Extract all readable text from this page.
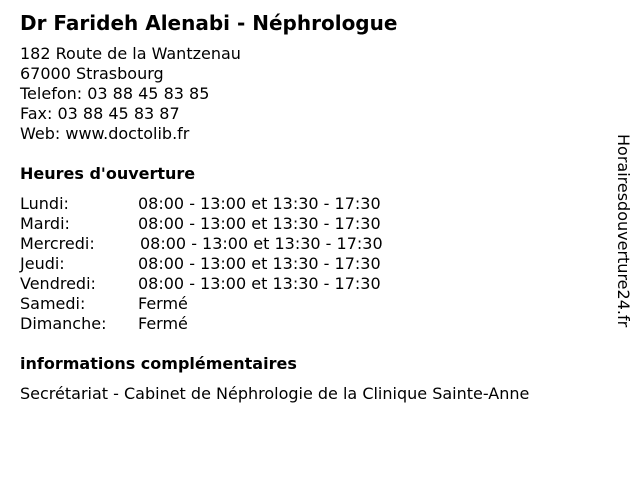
Dr Farideh Alenabi - Néphrologue
182 Route de la Wantzenau
67000 Strasbourg
Telefon: 03 88 45 83 85
Fax: 03 88 45 83 87
Web: www.doctolib.fr
Heures d'ouverture
Lundi:	08:00 - 13:00 et 13:30 - 17:30
Mardi:	08:00 - 13:00 et 13:30 - 17:30
Mercredi:	08:00 - 13:00 et 13:30 - 17:30
Jeudi:	08:00 - 13:00 et 13:30 - 17:30
Vendredi:	08:00 - 13:00 et 13:30 - 17:30
Samedi:	Fermé
Dimanche:	Fermé
informations complémentaires
Secrétariat - Cabinet de Néphrologie de la Clinique Sainte-Anne
Horairesdouverture24.fr
